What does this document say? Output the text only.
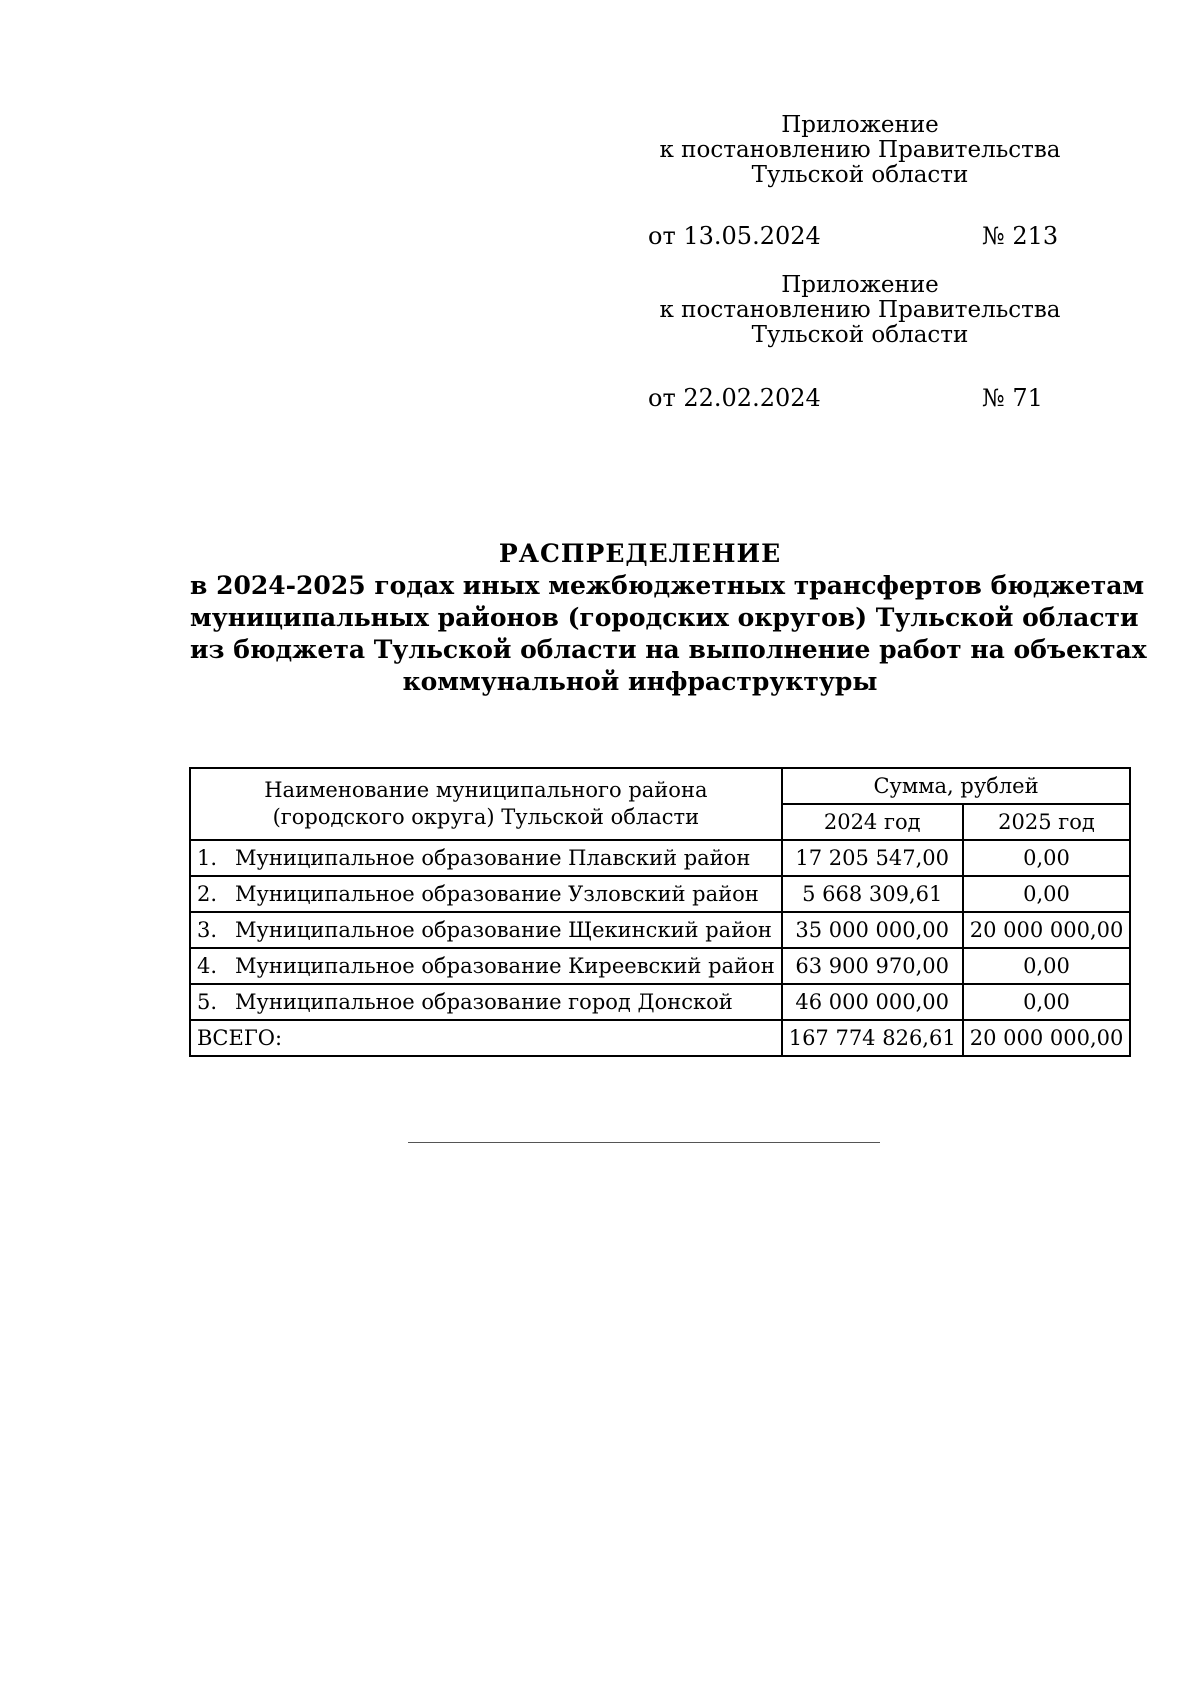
Приложение
к постановлению Правительства
Тульской области
от 13.05.2024	№ 213
Приложение
к постановлению Правительства
Тульской области
от 22.02.2024	№ 71
РАСПРЕДЕЛЕНИЕ
в 2024-2025 годах иных межбюджетных трансфертов бюджетам
муниципальных районов (городских округов) Тульской области
из бюджета Тульской области на выполнение работ на объектах
коммунальной инфраструктуры
Наименование муниципального района
(городского округа) Тульской области	Сумма, рублей	
	2024 год	2025 год
1. Муниципальное образование Плавский район	17 205 547,00	0,00
2. Муниципальное образование Узловский район	5 668 309,61	0,00
3. Муниципальное образование Щекинский район	35 000 000,00	20 000 000,00
4. Муниципальное образование Киреевский район	63 900 970,00	0,00
5. Муниципальное образование город Донской	46 000 000,00	0,00
ВСЕГО:	167 774 826,61	20 000 000,00
